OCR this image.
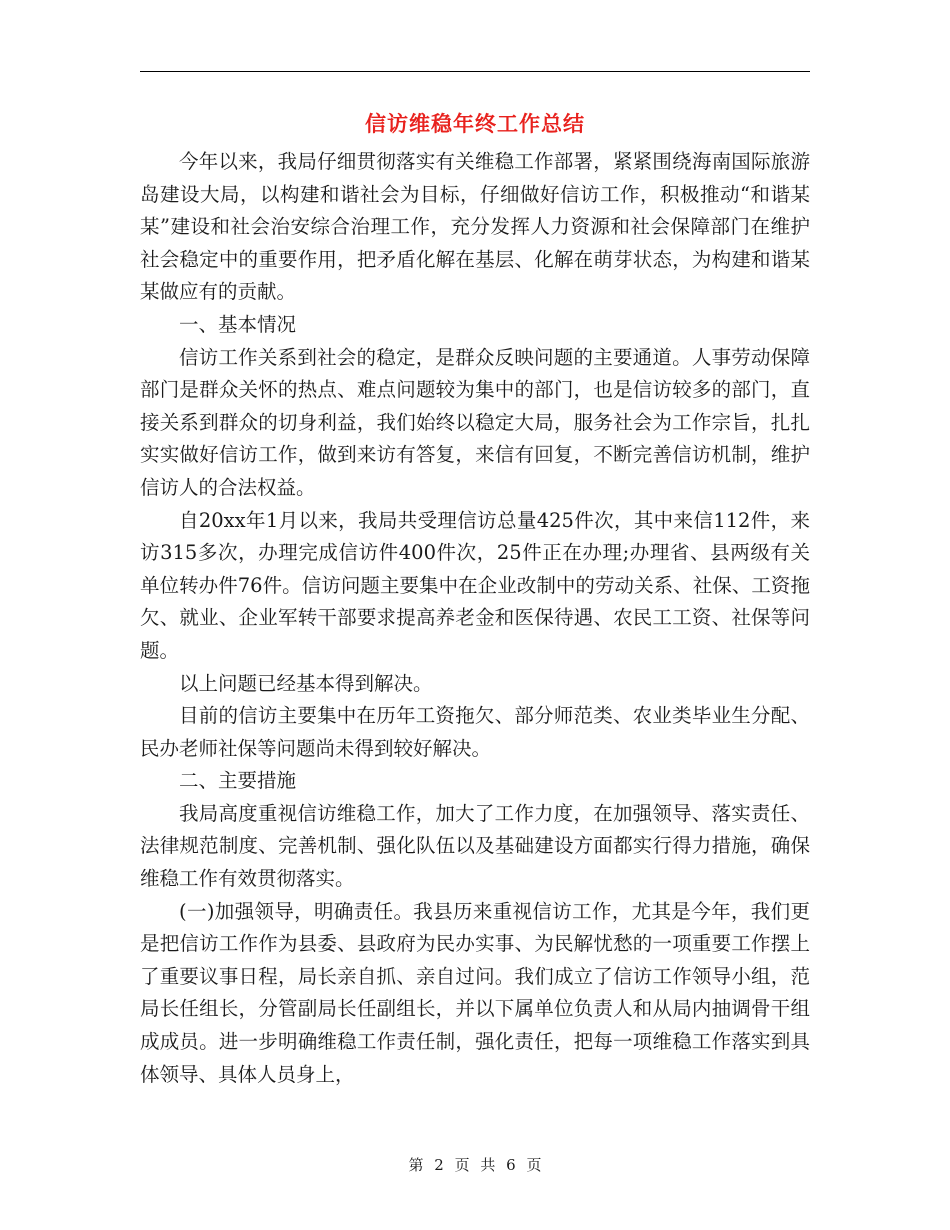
信访维稳年终工作总结

今年以来，我局仔细贯彻落实有关维稳工作部署，紧紧围绕海南国际旅游岛建设大局，以构建和谐社会为目标，仔细做好信访工作，积极推动“和谐某某”建设和社会治安综合治理工作，充分发挥人力资源和社会保障部门在维护社会稳定中的重要作用，把矛盾化解在基层、化解在萌芽状态，为构建和谐某某做应有的贡献。

一、基本情况

信访工作关系到社会的稳定，是群众反映问题的主要通道。人事劳动保障部门是群众关怀的热点、难点问题较为集中的部门，也是信访较多的部门，直接关系到群众的切身利益，我们始终以稳定大局，服务社会为工作宗旨，扎扎实实做好信访工作，做到来访有答复，来信有回复，不断完善信访机制，维护信访人的合法权益。

自20xx年1月以来，我局共受理信访总量425件次，其中来信112件，来访315多次，办理完成信访件400件次，25件正在办理;办理省、县两级有关单位转办件76件。信访问题主要集中在企业改制中的劳动关系、社保、工资拖欠、就业、企业军转干部要求提高养老金和医保待遇、农民工工资、社保等问题。

以上问题已经基本得到解决。

目前的信访主要集中在历年工资拖欠、部分师范类、农业类毕业生分配、民办老师社保等问题尚未得到较好解决。

二、主要措施

我局高度重视信访维稳工作，加大了工作力度，在加强领导、落实责任、法律规范制度、完善机制、强化队伍以及基础建设方面都实行得力措施，确保维稳工作有效贯彻落实。

(一)加强领导，明确责任。我县历来重视信访工作，尤其是今年，我们更是把信访工作作为县委、县政府为民办实事、为民解忧愁的一项重要工作摆上了重要议事日程，局长亲自抓、亲自过问。我们成立了信访工作领导小组，范局长任组长，分管副局长任副组长，并以下属单位负责人和从局内抽调骨干组成成员。进一步明确维稳工作责任制，强化责任，把每一项维稳工作落实到具体领导、具体人员身上，

第 2 页 共 6 页
